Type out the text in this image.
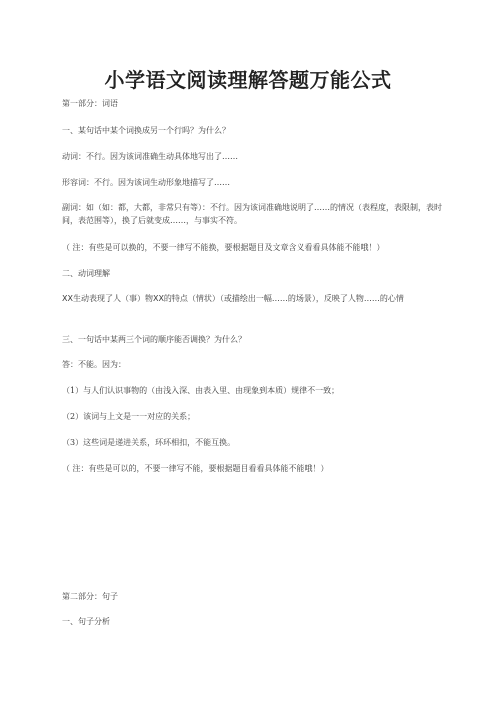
小学语文阅读理解答题万能公式

第一部分：词语

一、某句话中某个词换成另一个行吗？为什么？

动词：不行。因为该词准确生动具体地写出了……

形容词：不行。因为该词生动形象地描写了……

副词：如（如：都，大都，非常只有等）：不行。因为该词准确地说明了……的情况（表程度，表限制，表时间，表范围等），换了后就变成……，与事实不符。

（ 注：有些是可以换的，不要一律写不能换，要根据题目及文章含义看看具体能不能哦！）

二、动词理解

XX生动表现了人（事）物XX的特点（情状）（或描绘出一幅……的场景），反映了人物……的心情

三、一句话中某两三个词的顺序能否调换？为什么？

答：不能。因为：

（1）与人们认识事物的（由浅入深、由表入里、由现象到本质）规律不一致；

（2）该词与上文是一一对应的关系；

（3）这些词是递进关系，环环相扣，不能互换。

（ 注：有些是可以的，不要一律写不能，要根据题目看看具体能不能哦！）

第二部分：句子

一、句子分析
